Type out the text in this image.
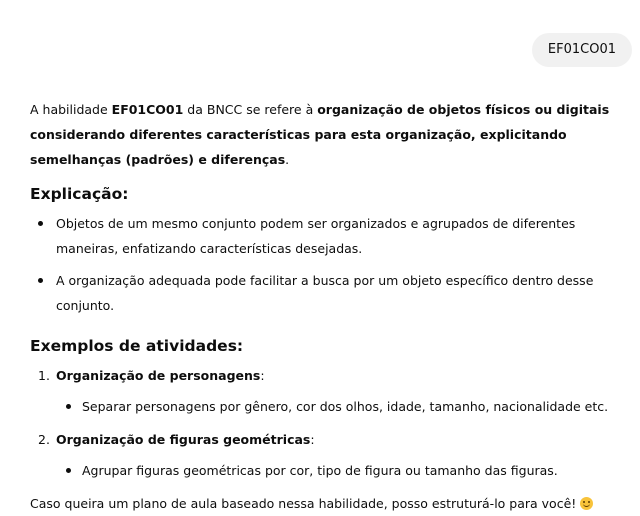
EF01CO01

A habilidade EF01CO01 da BNCC se refere à organização de objetos físicos ou digitais considerando diferentes características para esta organização, explicitando semelhanças (padrões) e diferenças.

Explicação:
Objetos de um mesmo conjunto podem ser organizados e agrupados de diferentes maneiras, enfatizando características desejadas.
A organização adequada pode facilitar a busca por um objeto específico dentro desse conjunto.
Exemplos de atividades:
1. Organização de personagens:
Separar personagens por gênero, cor dos olhos, idade, tamanho, nacionalidade etc.
2. Organização de figuras geométricas:
Agrupar figuras geométricas por cor, tipo de figura ou tamanho das figuras.

Caso queira um plano de aula baseado nessa habilidade, posso estruturá-lo para você!
